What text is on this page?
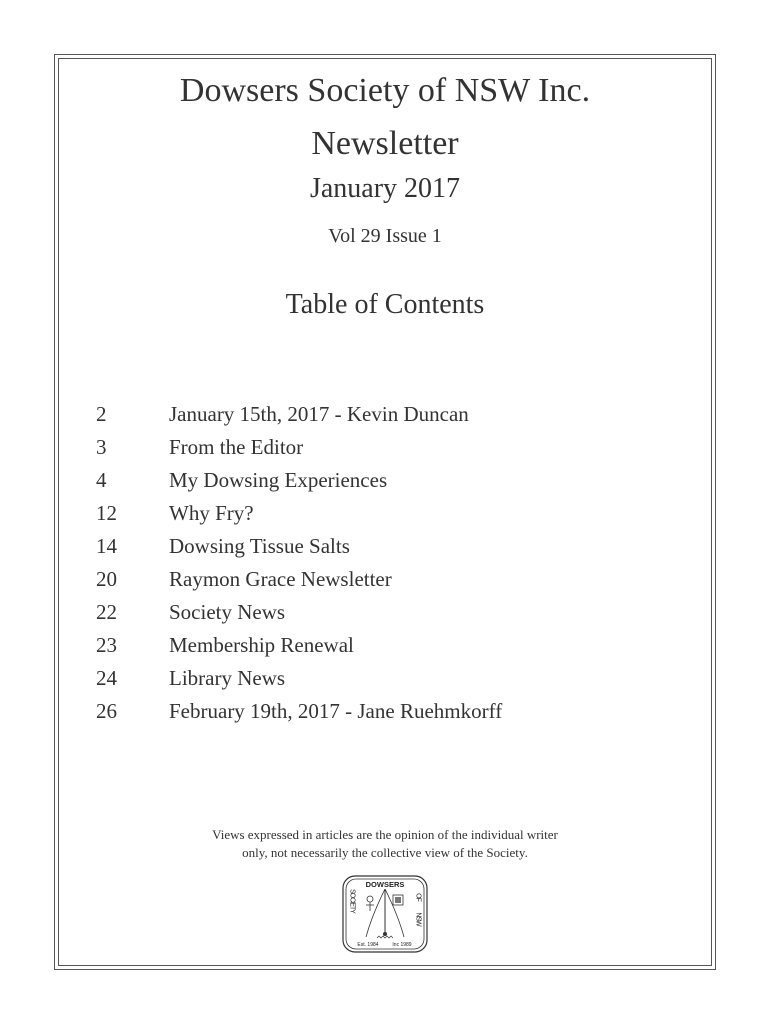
Dowsers Society of NSW Inc.
Newsletter
January 2017
Vol 29 Issue 1
Table of Contents
2	January 15th, 2017 - Kevin Duncan
3	From the Editor
4	My Dowsing Experiences
12 Why Fry?
14 Dowsing Tissue Salts
20 Raymon Grace Newsletter
22 Society News
23 Membership Renewal
24 Library News
26 February 19th, 2017 - Jane Ruehmkorff
Views expressed in articles are the opinion of the individual writer
only, not necessarily the collective view of the Society.
DOWSERS
SOCIETY	OF
NSW
Est. 1984	Inc 1989
